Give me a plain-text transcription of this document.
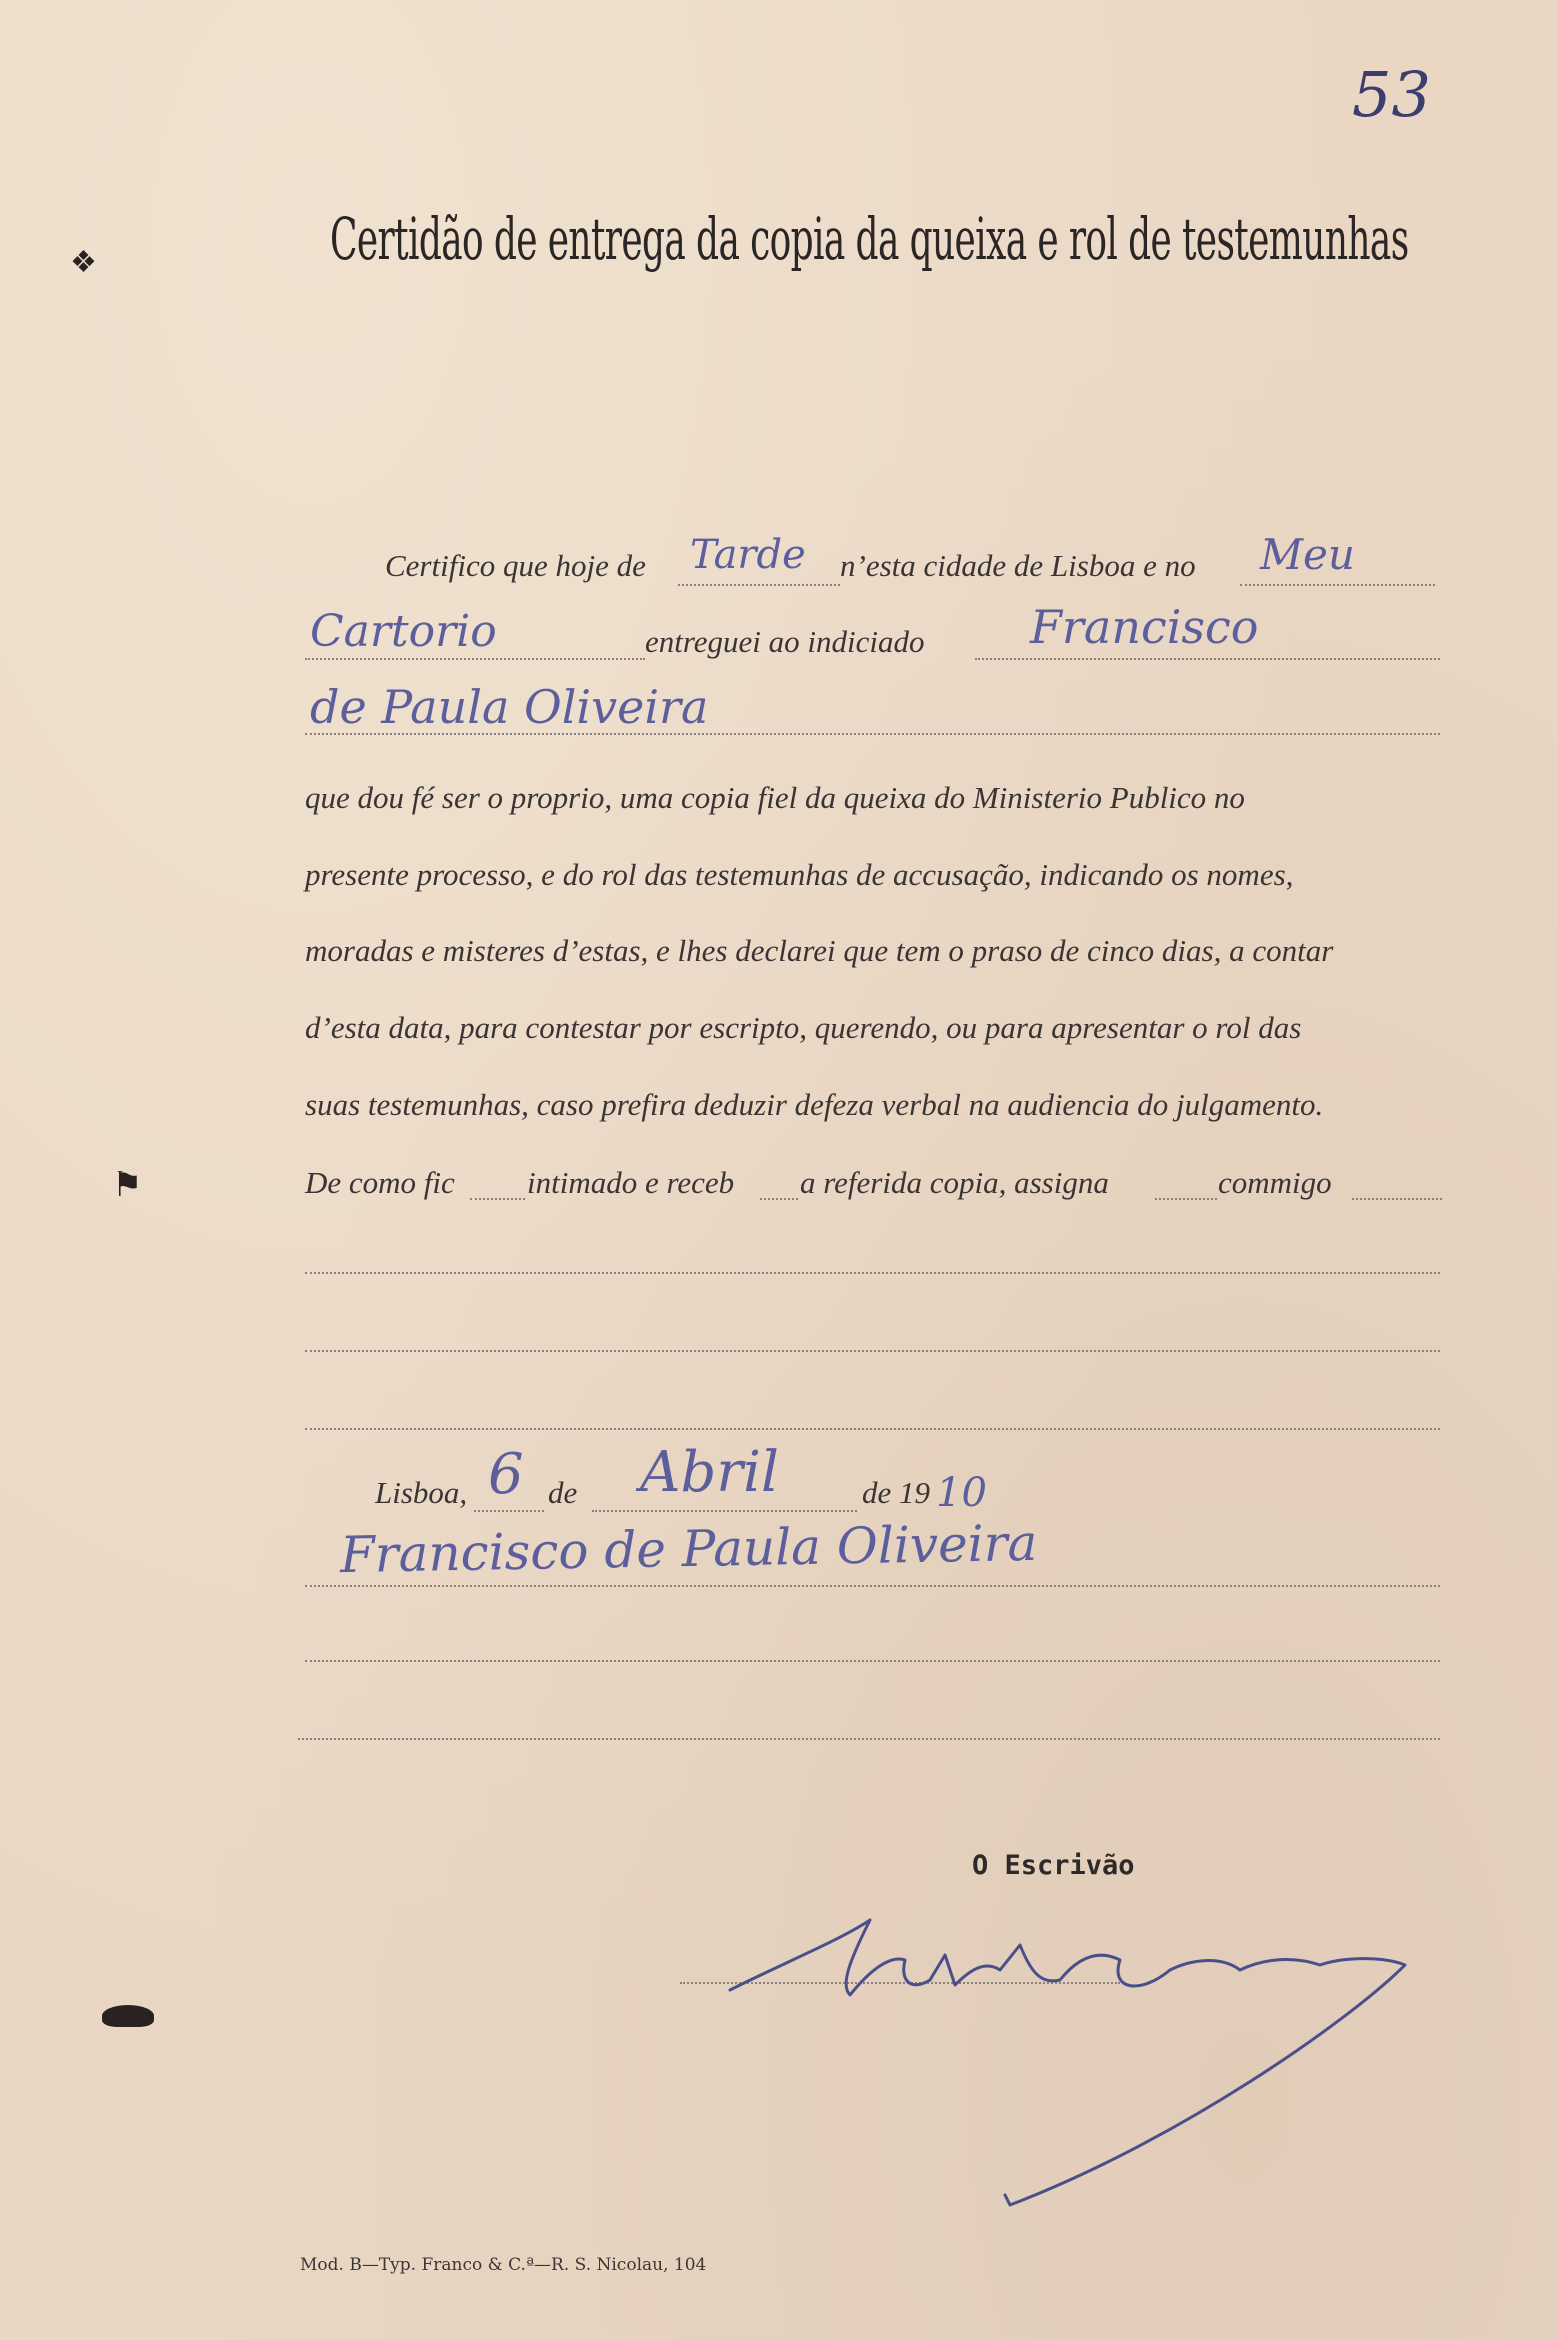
53
❖
⚑
Certidão de entrega da copia da queixa e rol de testemunhas
Certifico que hoje de Tarde n’esta cidade de Lisboa e no Meu
Cartorio	entreguei ao indiciado Francisco
de Paula Oliveira
que dou fé ser o proprio, uma copia fiel da queixa do Ministerio Publico no
presente processo, e do rol das testemunhas de accusação, indicando os nomes,
moradas e misteres d’estas, e lhes declarei que tem o praso de cinco dias, a contar
d’esta data, para contestar por escripto, querendo, ou para apresentar o rol das
suas testemunhas, caso prefira deduzir defeza verbal na audiencia do julgamento.
De como fic intimado e receb a referida copia, assigna	commigo
Lisboa, 6 de Abril	de 19 10
Francisco de Paula Oliveira
O Escrivão
Mod. B—Typ. Franco & C.ª—R. S. Nicolau, 104
